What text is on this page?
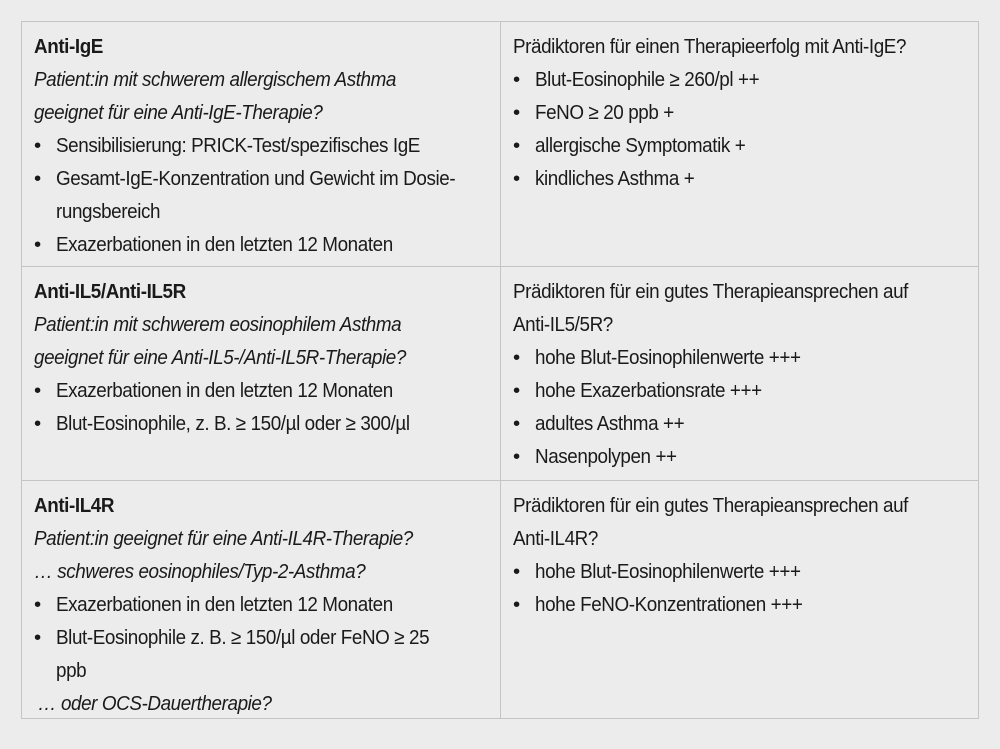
Anti-IgE
Patient:in mit schwerem allergischem Asthma
geeignet für eine Anti-IgE-Therapie?
• Sensibilisierung: PRICK-Test/spezifisches IgE
• Gesamt-IgE-Konzentration und Gewicht im Dosie-
rungsbereich
• Exazerbationen in den letzten 12 Monaten
Prädiktoren für einen Therapieerfolg mit Anti-IgE?
• Blut-Eosinophile ≥ 260/pl ++
• FeNO ≥ 20 ppb +
• allergische Symptomatik +
• kindliches Asthma +
Anti-IL5/Anti-IL5R
Patient:in mit schwerem eosinophilem Asthma
geeignet für eine Anti-IL5-/Anti-IL5R-Therapie?
• Exazerbationen in den letzten 12 Monaten
• Blut-Eosinophile, z. B. ≥ 150/µl oder ≥ 300/µl
Prädiktoren für ein gutes Therapieansprechen auf
Anti-IL5/5R?
• hohe Blut-Eosinophilenwerte +++
• hohe Exazerbationsrate +++
• adultes Asthma ++
• Nasenpolypen ++
Anti-IL4R
Patient:in geeignet für eine Anti-IL4R-Therapie?
… schweres eosinophiles/Typ-2-Asthma?
• Exazerbationen in den letzten 12 Monaten
• Blut-Eosinophile z. B. ≥ 150/µl oder FeNO ≥ 25
ppb
… oder OCS-Dauertherapie?
Prädiktoren für ein gutes Therapieansprechen auf
Anti-IL4R?
• hohe Blut-Eosinophilenwerte +++
• hohe FeNO-Konzentrationen +++
